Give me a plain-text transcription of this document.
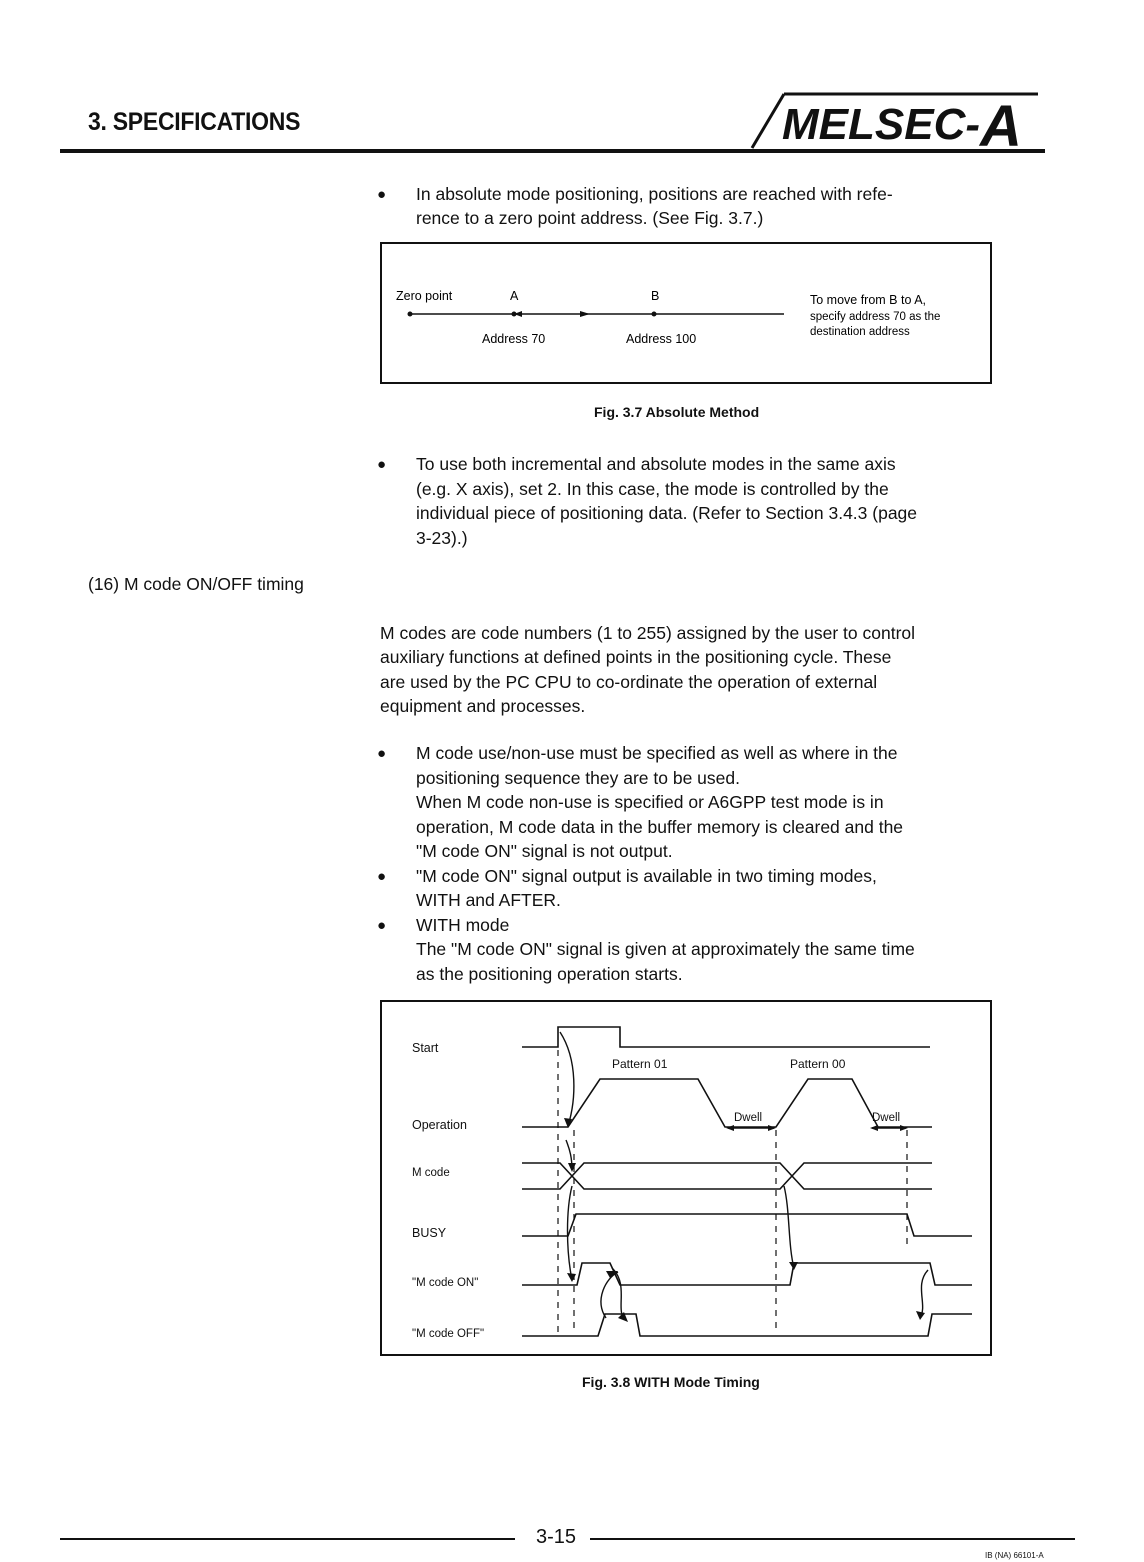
3. SPECIFICATIONS	MELSEC- A
● In absolute mode positioning, positions are reached with refe-
rence to a zero point address. (See Fig. 3.7.)
Zero point	A	B
Address 70	Address 100
To move from B to A,
specify address 70 as the
destination address
Fig. 3.7 Absolute Method
● To use both incremental and absolute modes in the same axis
(e.g. X axis), set 2. In this case, the mode is controlled by the
individual piece of positioning data. (Refer to Section 3.4.3 (page
3-23).)
(16) M code ON/OFF timing
M codes are code numbers (1 to 255) assigned by the user to control
auxiliary functions at defined points in the positioning cycle. These
are used by the PC CPU to co-ordinate the operation of external
equipment and processes.
● M code use/non-use must be specified as well as where in the
positioning sequence they are to be used.
When M code non-use is specified or A6GPP test mode is in
operation, M code data in the buffer memory is cleared and the
"M code ON" signal is not output.
● "M code ON" signal output is available in two timing modes,
WITH and AFTER.
● WITH mode
The "M code ON" signal is given at approximately the same time
as the positioning operation starts.
Start
Operation
M code
BUSY
"M code ON"
"M code OFF"
Pattern 01	Pattern 00
Dwell	Dwell
Fig. 3.8 WITH Mode Timing
3-15
IB (NA) 66101-A
